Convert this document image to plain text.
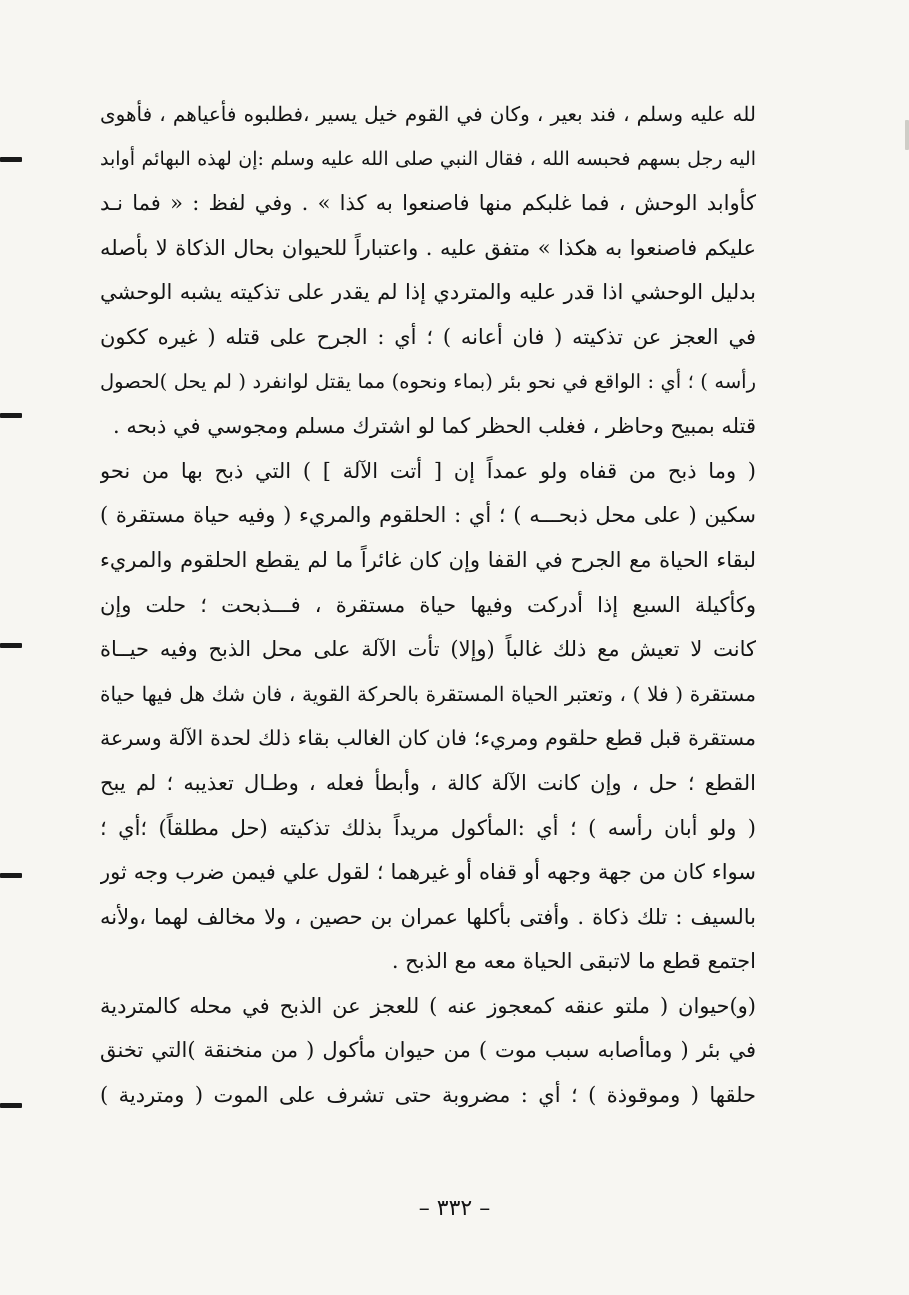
لله عليه وسلم ، فند بعير ، وكان في القوم خيل يسير ،فطلبوه فأعياهم ، فأهوى
اليه رجل بسهم فحبسه الله ، فقال النبي صلى الله عليه وسلم :إن لهذه البهائم أوابد
كأوابد الوحش ، فما غلبكم منها فاصنعوا به كذا » . وفي لفظ : « فما نـد
عليكم فاصنعوا به هكذا » متفق عليه . واعتباراً للحيوان بحال الذكاة لا بأصله
بدليل الوحشي اذا قدر عليه والمتردي إذا لم يقدر على تذكيته يشبه الوحشي
في العجز عن تذكيته ( فان أعانه ) ؛ أي : الجرح على قتله ( غيره ككون
رأسه ) ؛ أي : الواقع في نحو بئر (بماء ونحوه) مما يقتل لوانفرد ( لم يحل )لحصول
قتله بمبيح وحاظر ، فغلب الحظر كما لو اشترك مسلم ومجوسي في ذبحه .
( وما ذبح من قفاه ولو عمداً إن [ أتت الآلة ] ) التي ذبح بها من نحو
سكين ( على محل ذبحـــه ) ؛ أي : الحلقوم والمريء ( وفيه حياة مستقرة )
لبقاء الحياة مع الجرح في القفا وإن كان غائراً ما لم يقطع الحلقوم والمريء
وكأكيلة السبع إذا أدركت وفيها حياة مستقرة ، فـــذبحت ؛ حلت وإن
كانت لا تعيش مع ذلك غالباً (وإلا) تأت الآلة على محل الذبح وفيه حيــاة
مستقرة ( فلا ) ، وتعتبر الحياة المستقرة بالحركة القوية ، فان شك هل فيها حياة
مستقرة قبل قطع حلقوم ومريء؛ فان كان الغالب بقاء ذلك لحدة الآلة وسرعة
القطع ؛ حل ، وإن كانت الآلة كالة ، وأبطأ فعله ، وطـال تعذيبه ؛ لم يبح
( ولو أبان رأسه ) ؛ أي :المأكول مريداً بذلك تذكيته (حل مطلقاً) ؛أي ؛
سواء كان من جهة وجهه أو قفاه أو غيرهما ؛ لقول علي فيمن ضرب وجه ثور
بالسيف : تلك ذكاة . وأفتى بأكلها عمران بن حصين ، ولا مخالف لهما ،ولأنه
اجتمع قطع ما لاتبقى الحياة معه مع الذبح .
(و)حيوان ( ملتو عنقه كمعجوز عنه ) للعجز عن الذبح في محله كالمتردية
في بئر ( وماأصابه سبب موت ) من حيوان مأكول ( من منخنقة )التي تخنق
حلقها ( وموقوذة ) ؛ أي : مضروبة حتى تشرف على الموت ( ومتردية )
– ٣٣٢ –
